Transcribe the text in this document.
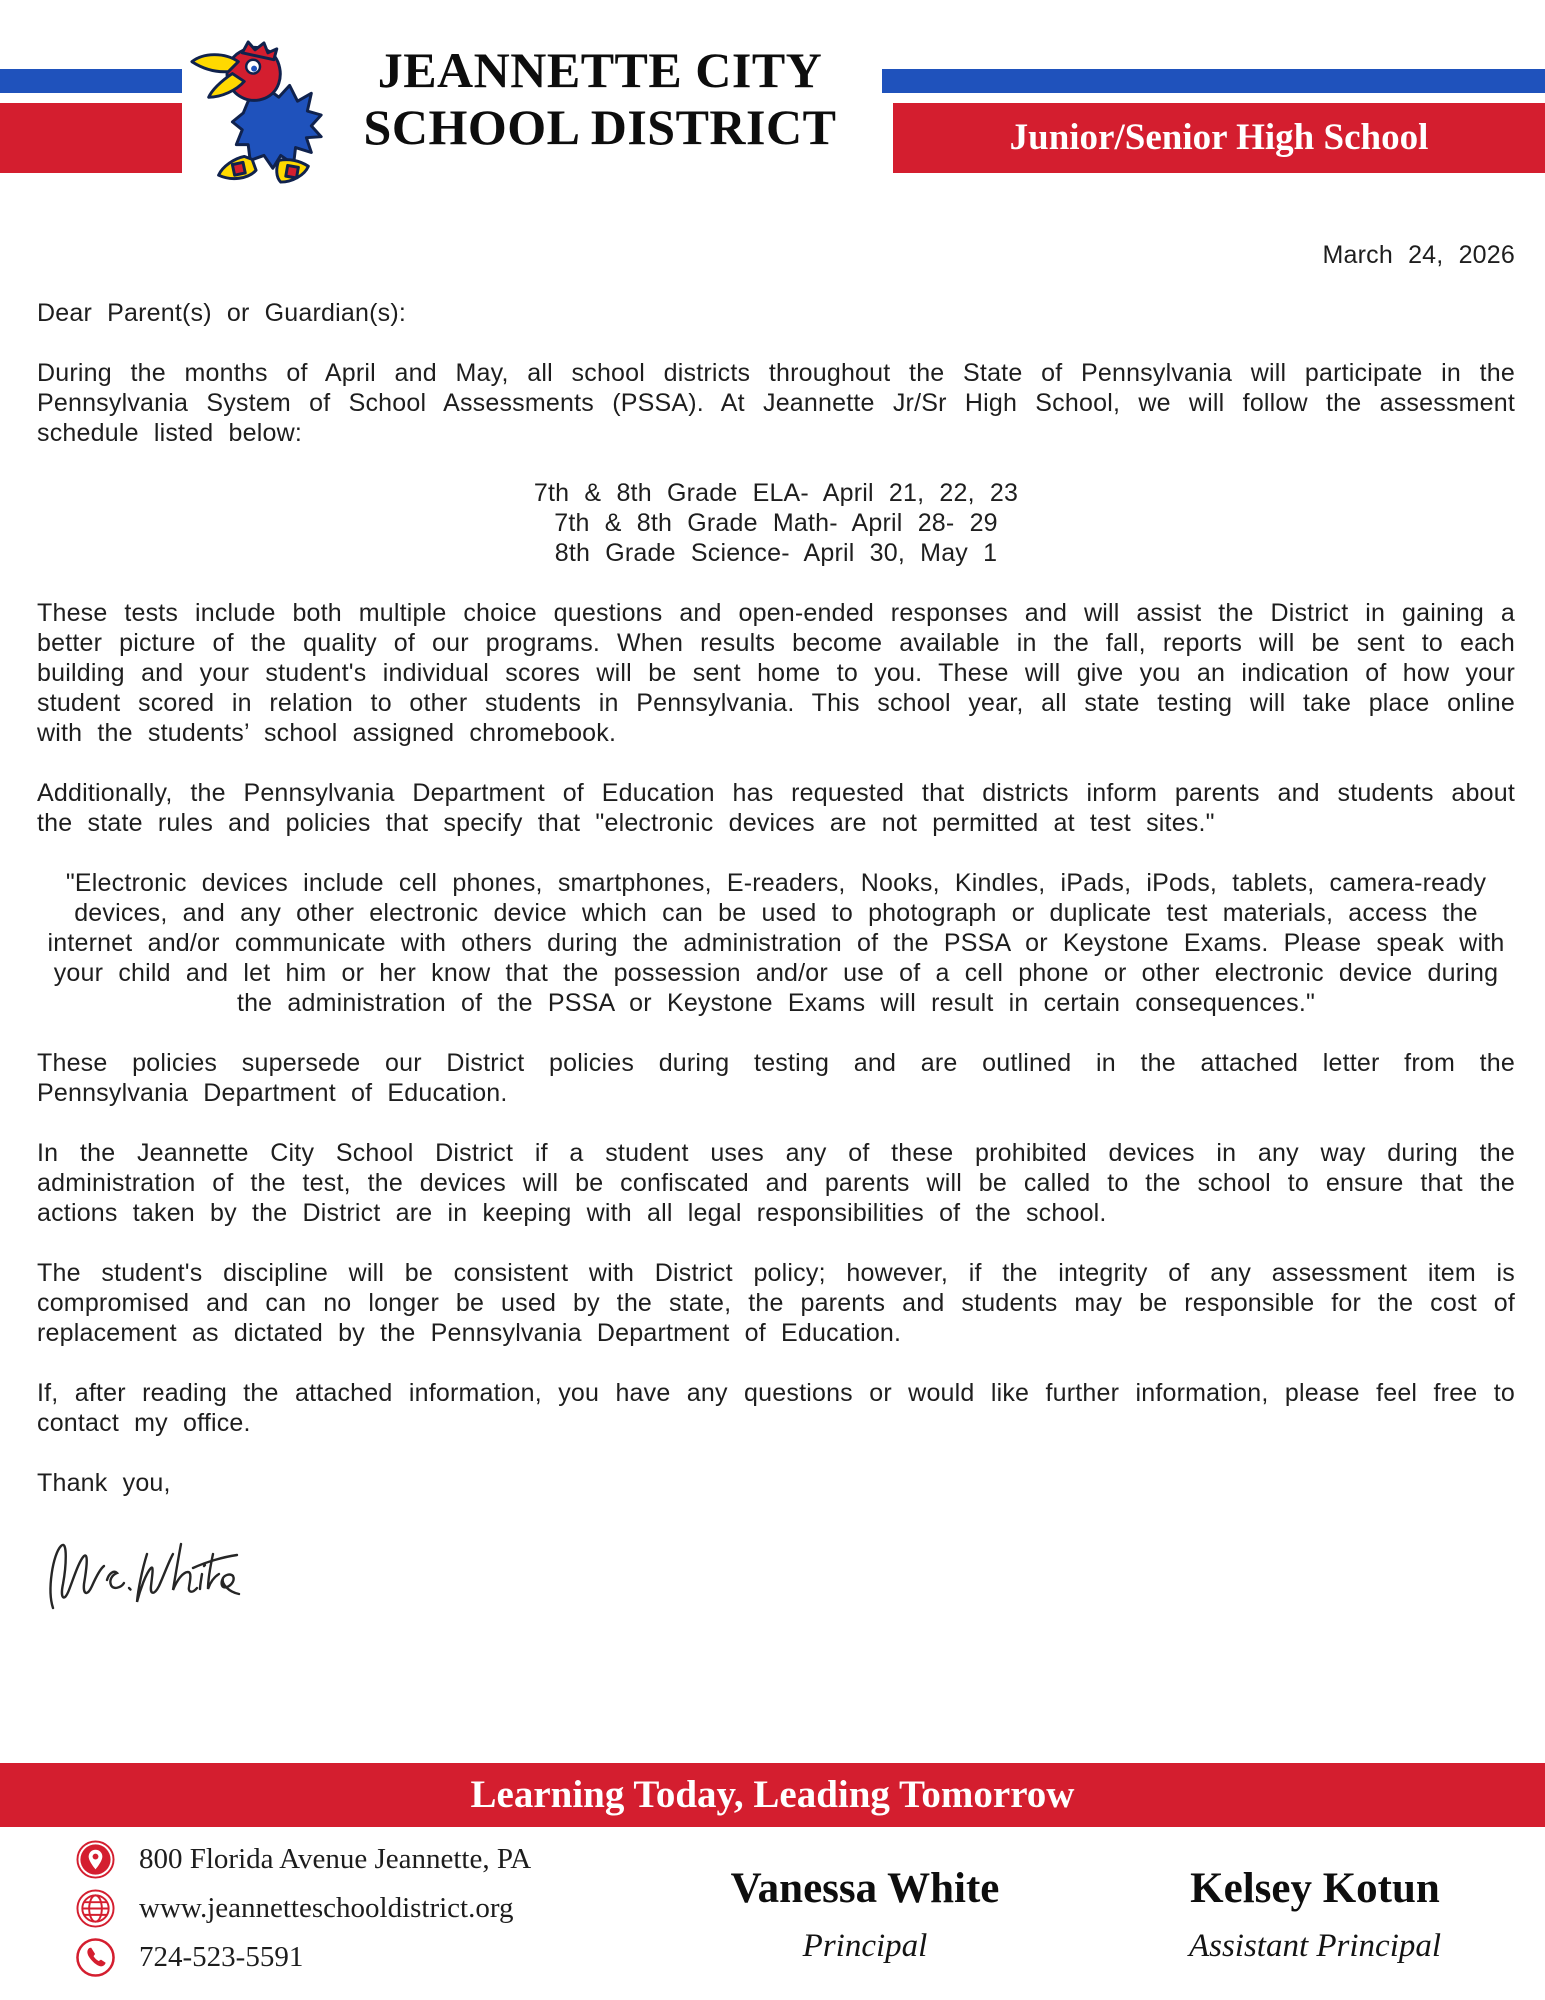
Junior/Senior High School
JEANNETTE CITY
SCHOOL DISTRICT
March 24, 2026

Dear Parent(s) or Guardian(s):

During the months of April and May, all school districts throughout the State of Pennsylvania will participate in the Pennsylvania System of School Assessments (PSSA). At Jeannette Jr/Sr High School, we will follow the assessment schedule listed below:

7th & 8th Grade ELA- April 21, 22, 23
7th & 8th Grade Math- April 28- 29
8th Grade Science- April 30, May 1

These tests include both multiple choice questions and open-ended responses and will assist the District in gaining a better picture of the quality of our programs. When results become available in the fall, reports will be sent to each building and your student's individual scores will be sent home to you. These will give you an indication of how your student scored in relation to other students in Pennsylvania. This school year, all state testing will take place online with the students’ school assigned chromebook.

Additionally, the Pennsylvania Department of Education has requested that districts inform parents and students about the state rules and policies that specify that "electronic devices are not permitted at test sites."

"Electronic devices include cell phones, smartphones, E-readers, Nooks, Kindles, iPads, iPods, tablets, camera-ready devices, and any other electronic device which can be used to photograph or duplicate test materials, access the internet and/or communicate with others during the administration of the PSSA or Keystone Exams. Please speak with your child and let him or her know that the possession and/or use of a cell phone or other electronic device during the administration of the PSSA or Keystone Exams will result in certain consequences."

These policies supersede our District policies during testing and are outlined in the attached letter from the Pennsylvania Department of Education.

In the Jeannette City School District if a student uses any of these prohibited devices in any way during the administration of the test, the devices will be confiscated and parents will be called to the school to ensure that the actions taken by the District are in keeping with all legal responsibilities of the school.

The student's discipline will be consistent with District policy; however, if the integrity of any assessment item is compromised and can no longer be used by the state, the parents and students may be responsible for the cost of replacement as dictated by the Pennsylvania Department of Education.

If, after reading the attached information, you have any questions or would like further information, please feel free to contact my office.

Thank you,

Learning Today, Leading Tomorrow
800 Florida Avenue Jeannette, PA
www.jeannetteschooldistrict.org
724-523-5591
Vanessa White
Principal
Kelsey Kotun
Assistant Principal
